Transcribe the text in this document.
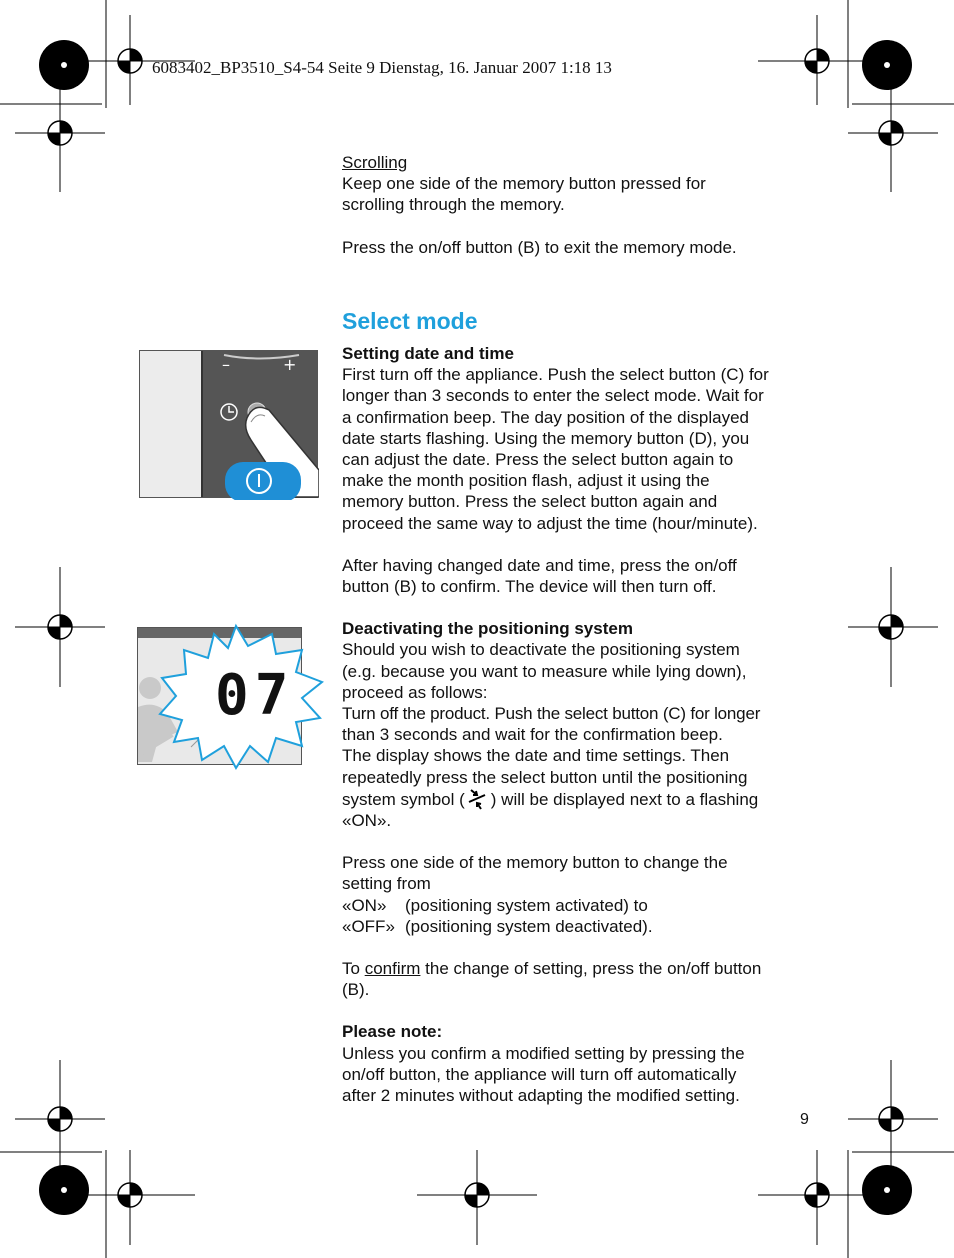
6083402_BP3510_S4-54 Seite 9 Dienstag, 16. Januar 2007 1:18 13
–	+
07

Scrolling

Keep one side of the memory button pressed for

scrolling through the memory.

Press the on/off button (B) to exit the memory mode.

Select mode

Setting date and time

First turn off the appliance. Push the select button (C) for

longer than 3 seconds to enter the select mode. Wait for

a confirmation beep. The day position of the displayed

date starts flashing. Using the memory button (D), you

can adjust the date. Press the select button again to

make the month position flash, adjust it using the

memory button. Press the select button again and

proceed the same way to adjust the time (hour/minute).

After having changed date and time, press the on/off

button (B) to confirm. The device will then turn off.

Deactivating the positioning system

Should you wish to deactivate the positioning system

(e.g. because you want to measure while lying down),

proceed as follows:

Turn off the product. Push the select button (C) for longer

than 3 seconds and wait for the confirmation beep.

The display shows the date and time settings. Then

repeatedly press the select button until the positioning

system symbol ( ) will be displayed next to a flashing

«ON».

Press one side of the memory button to change the

setting from

«ON» (positioning system activated) to

«OFF» (positioning system deactivated).

To confirm the change of setting, press the on/off button

(B).

Please note:

Unless you confirm a modified setting by pressing the

on/off button, the appliance will turn off automatically

after 2 minutes without adapting the modified setting.

9
